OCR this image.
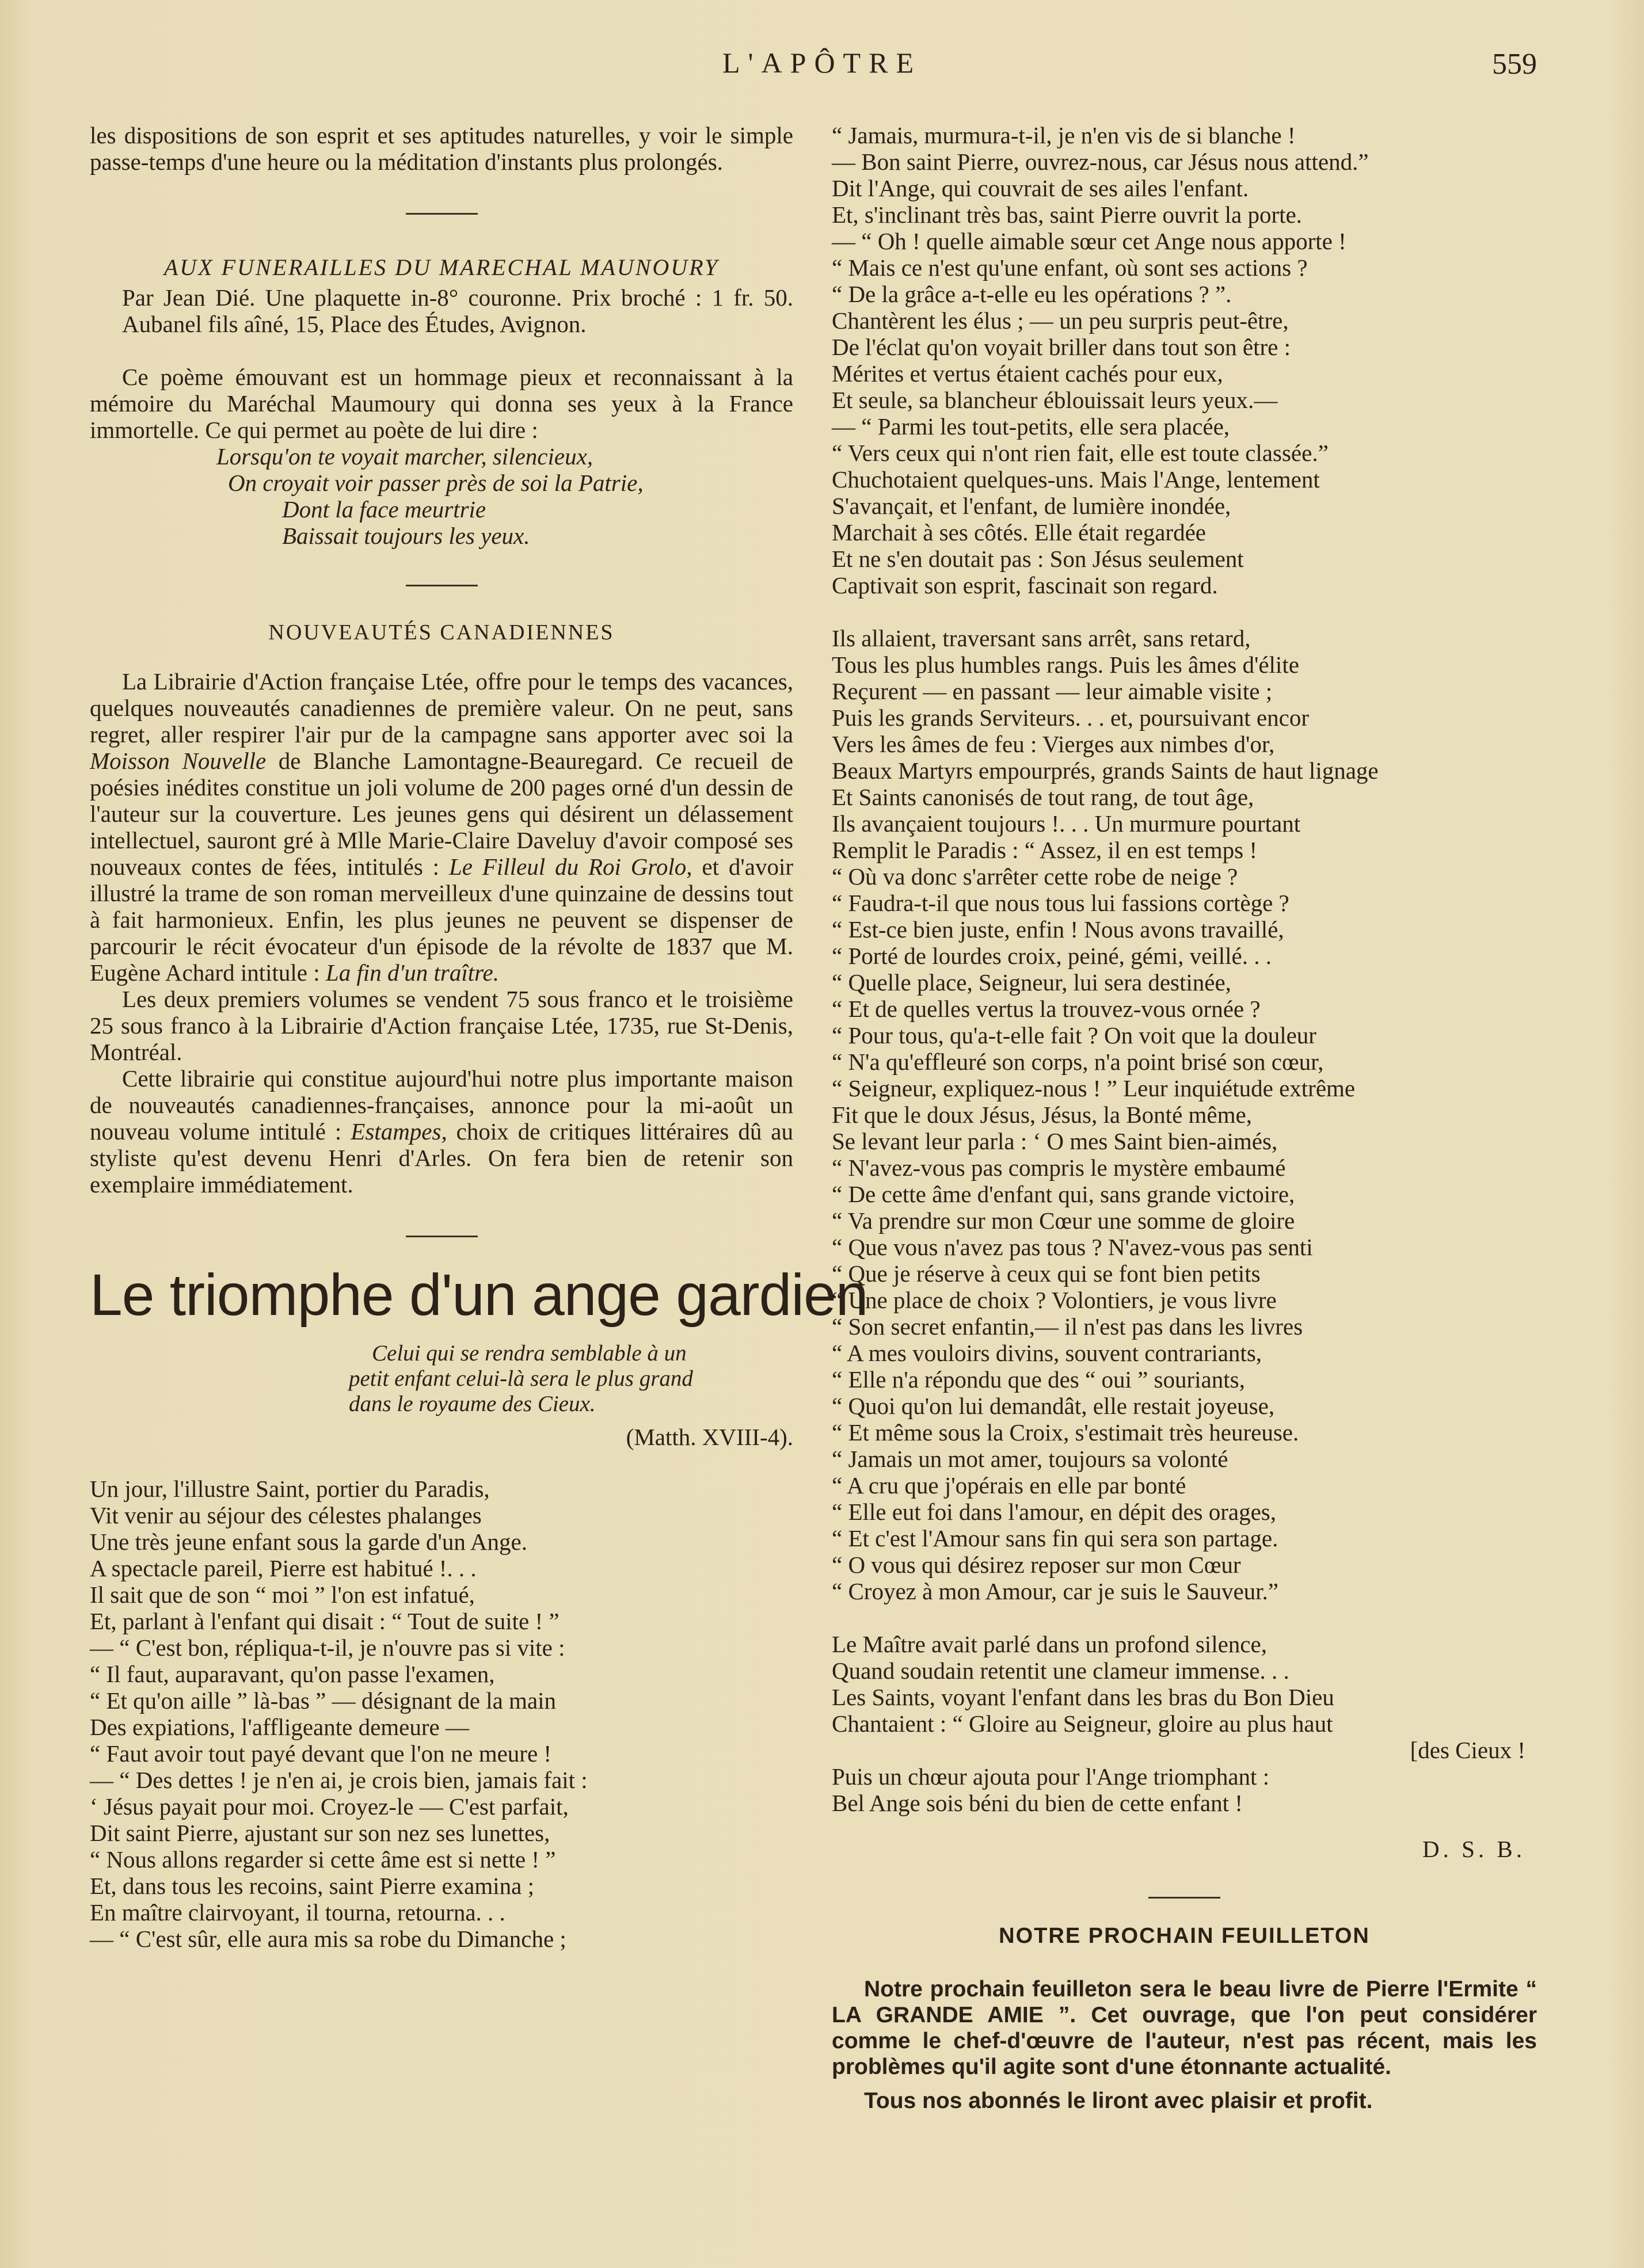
L'APÔTRE	559

les dispositions de son esprit et ses aptitudes naturelles, y voir le simple passe-temps d'une heure ou la méditation d'instants plus prolongés.

AUX FUNERAILLES DU MARECHAL MAUNOURY

Par Jean Dié. Une plaquette in-8° couronne. Prix broché : 1 fr. 50. Aubanel fils aîné, 15, Place des Études, Avignon.

Ce poème émouvant est un hommage pieux et reconnaissant à la mémoire du Maréchal Maumoury qui donna ses yeux à la France immortelle. Ce qui permet au poète de lui dire :

Lorsqu'on te voyait marcher, silencieux,
On croyait voir passer près de soi la Patrie,
Dont la face meurtrie
Baissait toujours les yeux.

NOUVEAUTÉS CANADIENNES

La Librairie d'Action française Ltée, offre pour le temps des vacances, quelques nouveautés canadiennes de première valeur. On ne peut, sans regret, aller respirer l'air pur de la campagne sans apporter avec soi la Moisson Nouvelle de Blanche Lamontagne-Beauregard. Ce recueil de poésies inédites constitue un joli volume de 200 pages orné d'un dessin de l'auteur sur la couverture. Les jeunes gens qui désirent un délassement intellectuel, sauront gré à Mlle Marie-Claire Daveluy d'avoir composé ses nouveaux contes de fées, intitulés : Le Filleul du Roi Grolo, et d'avoir illustré la trame de son roman merveilleux d'une quinzaine de dessins tout à fait harmonieux. Enfin, les plus jeunes ne peuvent se dispenser de parcourir le récit évocateur d'un épisode de la révolte de 1837 que M. Eugène Achard intitule : La fin d'un traître.

Les deux premiers volumes se vendent 75 sous franco et le troisième 25 sous franco à la Librairie d'Action française Ltée, 1735, rue St-Denis, Montréal.

Cette librairie qui constitue aujourd'hui notre plus importante maison de nouveautés canadiennes-françaises, annonce pour la mi-août un nouveau volume intitulé : Estampes, choix de critiques littéraires dû au styliste qu'est devenu Henri d'Arles. On fera bien de retenir son exemplaire immédiatement.

Le triomphe d'un ange gardien
Celui qui se rendra semblable à un
petit enfant celui-là sera le plus grand
dans le royaume des Cieux.
(Matth. XVIII-4).
Un jour, l'illustre Saint, portier du Paradis,
Vit venir au séjour des célestes phalanges
Une très jeune enfant sous la garde d'un Ange.
A spectacle pareil, Pierre est habitué !. . .
Il sait que de son “ moi ” l'on est infatué,
Et, parlant à l'enfant qui disait : “ Tout de suite ! ”
— “ C'est bon, répliqua-t-il, je n'ouvre pas si vite :
“ Il faut, auparavant, qu'on passe l'examen,
“ Et qu'on aille ” là-bas ” — désignant de la main
Des expiations, l'affligeante demeure —
“ Faut avoir tout payé devant que l'on ne meure !
— “ Des dettes ! je n'en ai, je crois bien, jamais fait :
‘ Jésus payait pour moi. Croyez-le — C'est parfait,
Dit saint Pierre, ajustant sur son nez ses lunettes,
“ Nous allons regarder si cette âme est si nette ! ”
Et, dans tous les recoins, saint Pierre examina ;
En maître clairvoyant, il tourna, retourna. . .
— “ C'est sûr, elle aura mis sa robe du Dimanche ;
“ Jamais, murmura-t-il, je n'en vis de si blanche !
— Bon saint Pierre, ouvrez-nous, car Jésus nous attend.”
Dit l'Ange, qui couvrait de ses ailes l'enfant.
Et, s'inclinant très bas, saint Pierre ouvrit la porte.
— “ Oh ! quelle aimable sœur cet Ange nous apporte !
“ Mais ce n'est qu'une enfant, où sont ses actions ?
“ De la grâce a-t-elle eu les opérations ? ”.
Chantèrent les élus ; — un peu surpris peut-être,
De l'éclat qu'on voyait briller dans tout son être :
Mérites et vertus étaient cachés pour eux,
Et seule, sa blancheur éblouissait leurs yeux.—
— “ Parmi les tout-petits, elle sera placée,
“ Vers ceux qui n'ont rien fait, elle est toute classée.”
Chuchotaient quelques-uns. Mais l'Ange, lentement
S'avançait, et l'enfant, de lumière inondée,
Marchait à ses côtés. Elle était regardée
Et ne s'en doutait pas : Son Jésus seulement
Captivait son esprit, fascinait son regard.
Ils allaient, traversant sans arrêt, sans retard,
Tous les plus humbles rangs. Puis les âmes d'élite
Reçurent — en passant — leur aimable visite ;
Puis les grands Serviteurs. . . et, poursuivant encor
Vers les âmes de feu : Vierges aux nimbes d'or,
Beaux Martyrs empourprés, grands Saints de haut lignage
Et Saints canonisés de tout rang, de tout âge,
Ils avançaient toujours !. . . Un murmure pourtant
Remplit le Paradis : “ Assez, il en est temps !
“ Où va donc s'arrêter cette robe de neige ?
“ Faudra-t-il que nous tous lui fassions cortège ?
“ Est-ce bien juste, enfin ! Nous avons travaillé,
“ Porté de lourdes croix, peiné, gémi, veillé. . .
“ Quelle place, Seigneur, lui sera destinée,
“ Et de quelles vertus la trouvez-vous ornée ?
“ Pour tous, qu'a-t-elle fait ? On voit que la douleur
“ N'a qu'effleuré son corps, n'a point brisé son cœur,
“ Seigneur, expliquez-nous ! ” Leur inquiétude extrême
Fit que le doux Jésus, Jésus, la Bonté même,
Se levant leur parla : ‘ O mes Saint bien-aimés,
“ N'avez-vous pas compris le mystère embaumé
“ De cette âme d'enfant qui, sans grande victoire,
“ Va prendre sur mon Cœur une somme de gloire
“ Que vous n'avez pas tous ? N'avez-vous pas senti
“ Que je réserve à ceux qui se font bien petits
“ Une place de choix ? Volontiers, je vous livre
“ Son secret enfantin,— il n'est pas dans les livres
“ A mes vouloirs divins, souvent contrariants,
“ Elle n'a répondu que des “ oui ” souriants,
“ Quoi qu'on lui demandât, elle restait joyeuse,
“ Et même sous la Croix, s'estimait très heureuse.
“ Jamais un mot amer, toujours sa volonté
“ A cru que j'opérais en elle par bonté
“ Elle eut foi dans l'amour, en dépit des orages,
“ Et c'est l'Amour sans fin qui sera son partage.
“ O vous qui désirez reposer sur mon Cœur
“ Croyez à mon Amour, car je suis le Sauveur.”
Le Maître avait parlé dans un profond silence,
Quand soudain retentit une clameur immense. . .
Les Saints, voyant l'enfant dans les bras du Bon Dieu
Chantaient : “ Gloire au Seigneur, gloire au plus haut
[des Cieux !
Puis un chœur ajouta pour l'Ange triomphant :
Bel Ange sois béni du bien de cette enfant !
D. S. B.

NOTRE PROCHAIN FEUILLETON

Notre prochain feuilleton sera le beau livre de Pierre l'Ermite “ LA GRANDE AMIE ”. Cet ouvrage, que l'on peut considérer comme le chef-d'œuvre de l'auteur, n'est pas récent, mais les problèmes qu'il agite sont d'une étonnante actualité.

Tous nos abonnés le liront avec plaisir et profit.
